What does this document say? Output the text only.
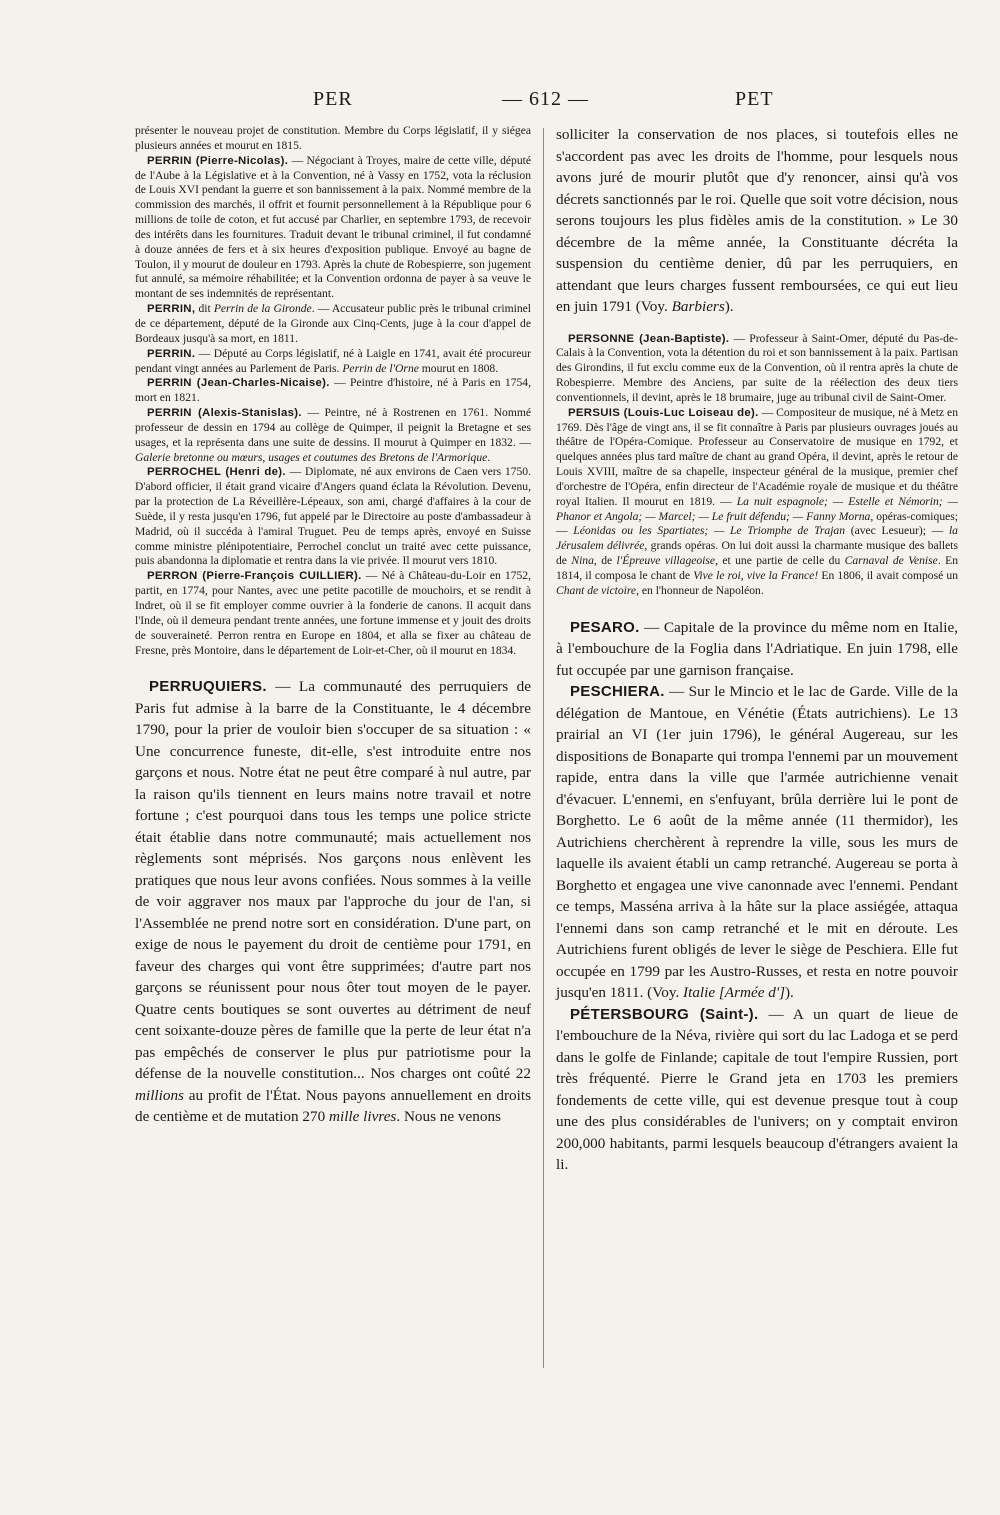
PER	— 612 —	PET

présenter le nouveau projet de constitution. Membre du Corps législatif, il y siégea plusieurs années et mourut en 1815.

PERRIN (Pierre-Nicolas). — Négociant à Troyes, maire de cette ville, député de l'Aube à la Législative et à la Convention, né à Vassy en 1752, vota la réclusion de Louis XVI pendant la guerre et son bannissement à la paix. Nommé membre de la commission des marchés, il offrit et fournit personnellement à la République pour 6 millions de toile de coton, et fut accusé par Charlier, en septembre 1793, de recevoir des intérêts dans les fournitures. Traduit devant le tribunal criminel, il fut condamné à douze années de fers et à six heures d'exposition publique. Envoyé au bagne de Toulon, il y mourut de douleur en 1793. Après la chute de Robespierre, son jugement fut annulé, sa mémoire réhabilitée; et la Convention ordonna de payer à sa veuve le montant de ses indemnités de représentant.

PERRIN, dit Perrin de la Gironde. — Accusateur public près le tribunal criminel de ce département, député de la Gironde aux Cinq-Cents, juge à la cour d'appel de Bordeaux jusqu'à sa mort, en 1811.

PERRIN. — Député au Corps législatif, né à Laigle en 1741, avait été procureur pendant vingt années au Parlement de Paris. Perrin de l'Orne mourut en 1808.

PERRIN (Jean-Charles-Nicaise). — Peintre d'histoire, né à Paris en 1754, mort en 1821.

PERRIN (Alexis-Stanislas). — Peintre, né à Rostrenen en 1761. Nommé professeur de dessin en 1794 au collège de Quimper, il peignit la Bretagne et ses usages, et la représenta dans une suite de dessins. Il mourut à Quimper en 1832. — Galerie bretonne ou mœurs, usages et coutumes des Bretons de l'Armorique.

PERROCHEL (Henri de). — Diplomate, né aux environs de Caen vers 1750. D'abord officier, il était grand vicaire d'Angers quand éclata la Révolution. Devenu, par la protection de La Réveillère-Lépeaux, son ami, chargé d'affaires à la cour de Suède, il y resta jusqu'en 1796, fut appelé par le Directoire au poste d'ambassadeur à Madrid, où il succéda à l'amiral Truguet. Peu de temps après, envoyé en Suisse comme ministre plénipotentiaire, Perrochel conclut un traité avec cette puissance, puis abandonna la diplomatie et rentra dans la vie privée. Il mourut vers 1810.

PERRON (Pierre-François CUILLIER). — Né à Château-du-Loir en 1752, partit, en 1774, pour Nantes, avec une petite pacotille de mouchoirs, et se rendit à Indret, où il se fit employer comme ouvrier à la fonderie de canons. Il acquit dans l'Inde, où il demeura pendant trente années, une fortune immense et y jouit des droits de souveraineté. Perron rentra en Europe en 1804, et alla se fixer au château de Fresne, près Montoire, dans le département de Loir-et-Cher, où il mourut en 1834.

PERRUQUIERS. — La communauté des perruquiers de Paris fut admise à la barre de la Constituante, le 4 décembre 1790, pour la prier de vouloir bien s'occuper de sa situation : « Une concurrence funeste, dit-elle, s'est introduite entre nos garçons et nous. Notre état ne peut être comparé à nul autre, par la raison qu'ils tiennent en leurs mains notre travail et notre fortune ; c'est pourquoi dans tous les temps une police stricte était établie dans notre communauté; mais actuellement nos règlements sont méprisés. Nos garçons nous enlèvent les pratiques que nous leur avons confiées. Nous sommes à la veille de voir aggraver nos maux par l'approche du jour de l'an, si l'Assemblée ne prend notre sort en considération. D'une part, on exige de nous le payement du droit de centième pour 1791, en faveur des charges qui vont être supprimées; d'autre part nos garçons se réunissent pour nous ôter tout moyen de le payer. Quatre cents boutiques se sont ouvertes au détriment de neuf cent soixante-douze pères de famille que la perte de leur état n'a pas empêchés de conserver le plus pur patriotisme pour la défense de la nouvelle constitution... Nos charges ont coûté 22 millions au profit de l'État. Nous payons annuellement en droits de centième et de mutation 270 mille livres. Nous ne venons

solliciter la conservation de nos places, si toutefois elles ne s'accordent pas avec les droits de l'homme, pour lesquels nous avons juré de mourir plutôt que d'y renoncer, ainsi qu'à vos décrets sanctionnés par le roi. Quelle que soit votre décision, nous serons toujours les plus fidèles amis de la constitution. » Le 30 décembre de la même année, la Constituante décréta la suspension du centième denier, dû par les perruquiers, en attendant que leurs charges fussent remboursées, ce qui eut lieu en juin 1791 (Voy. Barbiers).

PERSONNE (Jean-Baptiste). — Professeur à Saint-Omer, député du Pas-de-Calais à la Convention, vota la détention du roi et son bannissement à la paix. Partisan des Girondins, il fut exclu comme eux de la Convention, où il rentra après la chute de Robespierre. Membre des Anciens, par suite de la réélection des deux tiers conventionnels, il devint, après le 18 brumaire, juge au tribunal civil de Saint-Omer.

PERSUIS (Louis-Luc Loiseau de). — Compositeur de musique, né à Metz en 1769. Dès l'âge de vingt ans, il se fit connaître à Paris par plusieurs ouvrages joués au théâtre de l'Opéra-Comique. Professeur au Conservatoire de musique en 1792, et quelques années plus tard maître de chant au grand Opéra, il devint, après le retour de Louis XVIII, maître de sa chapelle, inspecteur général de la musique, premier chef d'orchestre de l'Opéra, enfin directeur de l'Académie royale de musique et du théâtre royal Italien. Il mourut en 1819. — La nuit espagnole; — Estelle et Némorin; — Phanor et Angola; — Marcel; — Le fruit défendu; — Fanny Morna, opéras-comiques; — Léonidas ou les Spartiates; — Le Triomphe de Trajan (avec Lesueur); — la Jérusalem délivrée, grands opéras. On lui doit aussi la charmante musique des ballets de Nina, de l'Épreuve villageoise, et une partie de celle du Carnaval de Venise. En 1814, il composa le chant de Vive le roi, vive la France! En 1806, il avait composé un Chant de victoire, en l'honneur de Napoléon.

PESARO. — Capitale de la province du même nom en Italie, à l'embouchure de la Foglia dans l'Adriatique. En juin 1798, elle fut occupée par une garnison française.

PESCHIERA. — Sur le Mincio et le lac de Garde. Ville de la délégation de Mantoue, en Vénétie (États autrichiens). Le 13 prairial an VI (1er juin 1796), le général Augereau, sur les dispositions de Bonaparte qui trompa l'ennemi par un mouvement rapide, entra dans la ville que l'armée autrichienne venait d'évacuer. L'ennemi, en s'enfuyant, brûla derrière lui le pont de Borghetto. Le 6 août de la même année (11 thermidor), les Autrichiens cherchèrent à reprendre la ville, sous les murs de laquelle ils avaient établi un camp retranché. Augereau se porta à Borghetto et engagea une vive canonnade avec l'ennemi. Pendant ce temps, Masséna arriva à la hâte sur la place assiégée, attaqua l'ennemi dans son camp retranché et le mit en déroute. Les Autrichiens furent obligés de lever le siège de Peschiera. Elle fut occupée en 1799 par les Austro-Russes, et resta en notre pouvoir jusqu'en 1811. (Voy. Italie [Armée d']).

PÉTERSBOURG (Saint-). — A un quart de lieue de l'embouchure de la Néva, rivière qui sort du lac Ladoga et se perd dans le golfe de Finlande; capitale de tout l'empire Russien, port très fréquenté. Pierre le Grand jeta en 1703 les premiers fondements de cette ville, qui est devenue presque tout à coup une des plus considérables de l'univers; on y comptait environ 200,000 habitants, parmi lesquels beaucoup d'étrangers avaient la li.
